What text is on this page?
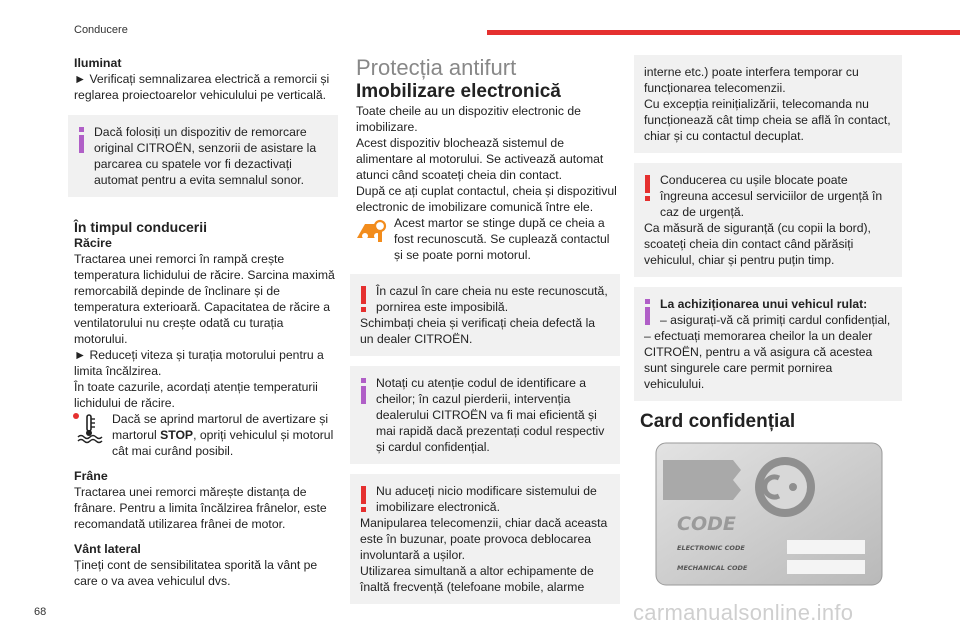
Conducere

Iluminat

► Verificați semnalizarea electrică a remorcii și reglarea proiectoarelor vehiculului pe verticală.

Dacă folosiți un dispozitiv de remorcare original CITROËN, senzorii de asistare la parcarea cu spatele vor fi dezactivați automat pentru a evita semnalul sonor.

În timpul conducerii

Răcire

Tractarea unei remorci în rampă crește temperatura lichidului de răcire. Sarcina maximă remorcabilă depinde de înclinare și de temperatura exterioară. Capacitatea de răcire a ventilatorului nu crește odată cu turația motorului.

► Reduceți viteza și turația motorului pentru a limita încălzirea.

În toate cazurile, acordați atenție temperaturii lichidului de răcire.

Dacă se aprind martorul de avertizare și martorul STOP, opriți vehiculul și motorul cât mai curând posibil.

Frâne

Tractarea unei remorci mărește distanța de frânare. Pentru a limita încălzirea frânelor, este recomandată utilizarea frânei de motor.

Vânt lateral

Țineți cont de sensibilitatea sporită la vânt pe care o va avea vehiculul dvs.

Protecția antifurt

Imobilizare electronică

Toate cheile au un dispozitiv electronic de imobilizare.

Acest dispozitiv blochează sistemul de alimentare al motorului. Se activează automat atunci când scoateți cheia din contact.

După ce ați cuplat contactul, cheia și dispozitivul electronic de imobilizare comunică între ele.

Acest martor se stinge după ce cheia a fost recunoscută. Se cuplează contactul și se poate porni motorul.

În cazul în care cheia nu este recunoscută, pornirea este imposibilă.

Schimbați cheia și verificați cheia defectă la un dealer CITROËN.

Notați cu atenție codul de identificare a cheilor; în cazul pierderii, intervenția dealerului CITROËN va fi mai eficientă și mai rapidă dacă prezentați codul respectiv și cardul confidențial.

Nu aduceți nicio modificare sistemului de imobilizare electronică.

Manipularea telecomenzii, chiar dacă aceasta este în buzunar, poate provoca deblocarea involuntară a ușilor.

Utilizarea simultană a altor echipamente de înaltă frecvență (telefoane mobile, alarme

interne etc.) poate interfera temporar cu funcționarea telecomenzii.

Cu excepția reinițializării, telecomanda nu funcționează cât timp cheia se află în contact, chiar și cu contactul decuplat.

Conducerea cu ușile blocate poate îngreuna accesul serviciilor de urgență în caz de urgență.

Ca măsură de siguranță (cu copii la bord), scoateți cheia din contact când părăsiți vehiculul, chiar și pentru puțin timp.

La achiziționarea unui vehicul rulat:

– asigurați-vă că primiți cardul confidențial,

– efectuați memorarea cheilor la un dealer CITROËN, pentru a vă asigura că acestea sunt singurele care permit pornirea vehiculului.

Card confidențial

CODE
ELECTRONIC CODE
MECHANICAL CODE
68	carmanualsonline.info
